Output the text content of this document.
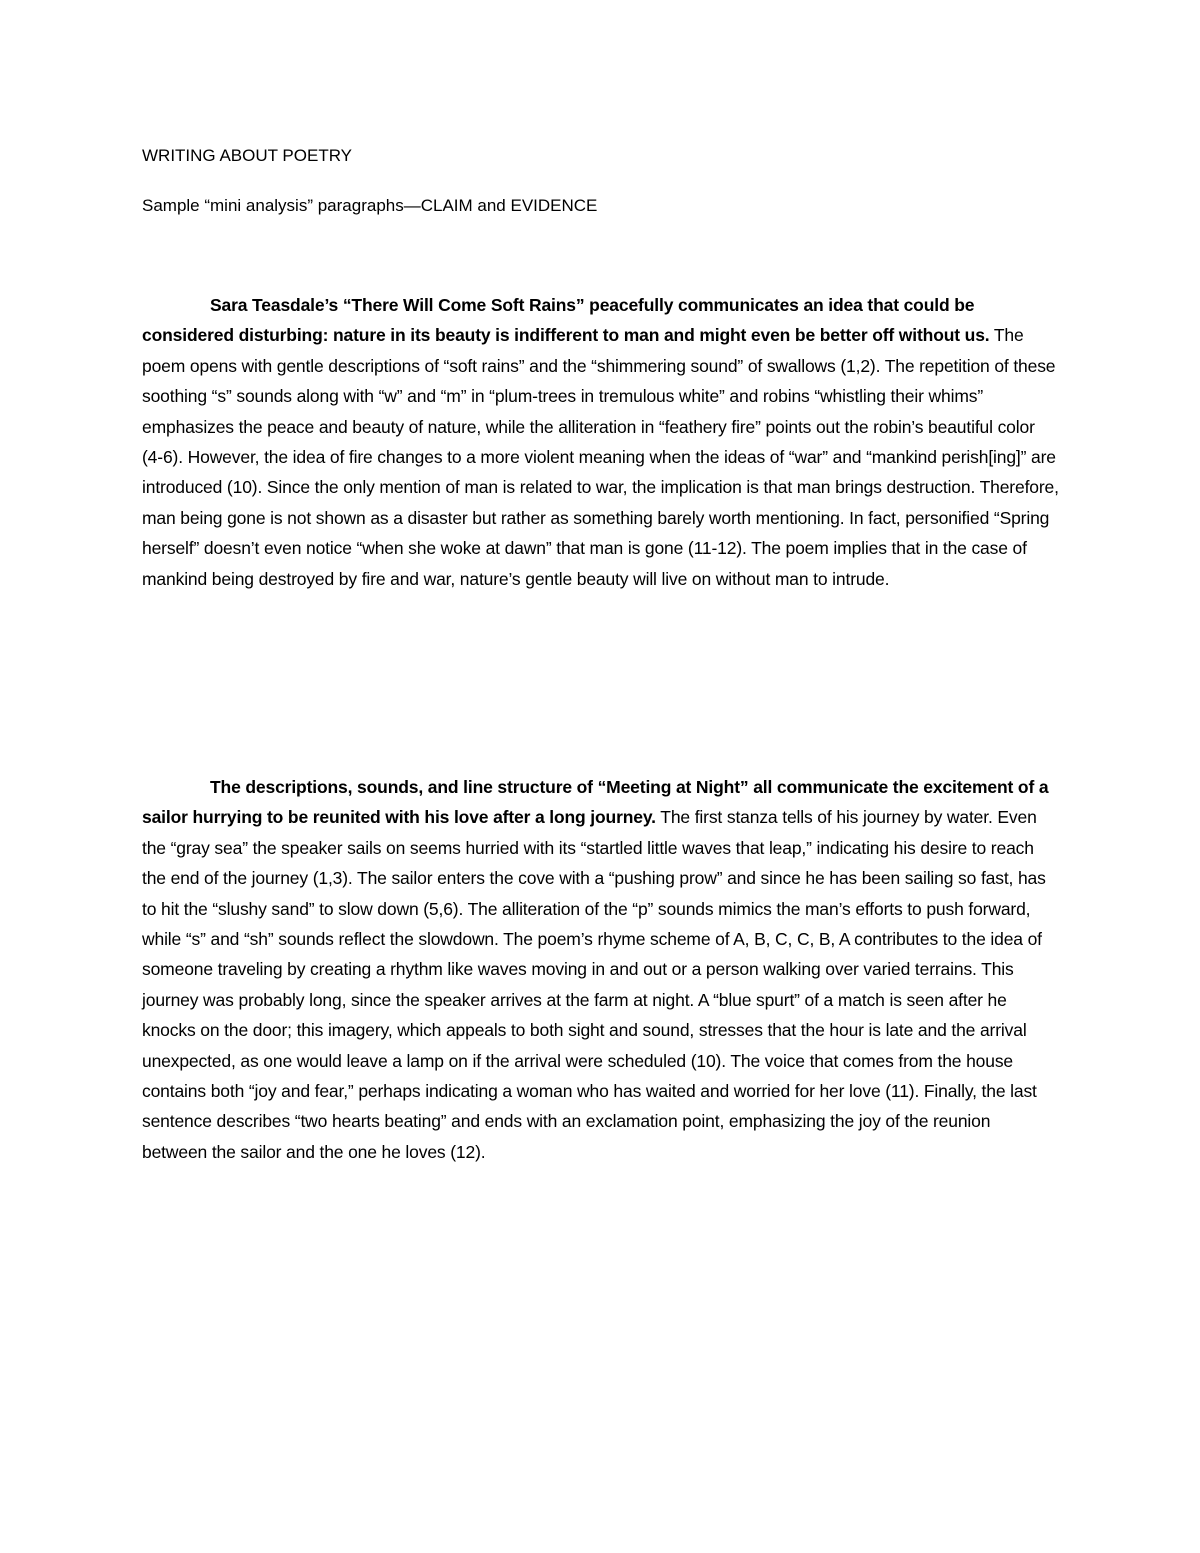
WRITING ABOUT POETRY

Sample “mini analysis” paragraphs—CLAIM and EVIDENCE

Sara Teasdale’s “There Will Come Soft Rains” peacefully communicates an idea that could be considered disturbing: nature in its beauty is indifferent to man and might even be better off without us. The poem opens with gentle descriptions of “soft rains” and the “shimmering sound” of swallows (1,2). The repetition of these soothing “s” sounds along with “w” and “m” in “plum-trees in tremulous white” and robins “whistling their whims” emphasizes the peace and beauty of nature, while the alliteration in “feathery fire” points out the robin’s beautiful color (4-6). However, the idea of fire changes to a more violent meaning when the ideas of “war” and “mankind perish[ing]” are introduced (10). Since the only mention of man is related to war, the implication is that man brings destruction. Therefore, man being gone is not shown as a disaster but rather as something barely worth mentioning. In fact, personified “Spring herself” doesn’t even notice “when she woke at dawn” that man is gone (11-12). The poem implies that in the case of mankind being destroyed by fire and war, nature’s gentle beauty will live on without man to intrude.

The descriptions, sounds, and line structure of “Meeting at Night” all communicate the excitement of a sailor hurrying to be reunited with his love after a long journey. The first stanza tells of his journey by water. Even the “gray sea” the speaker sails on seems hurried with its “startled little waves that leap,” indicating his desire to reach the end of the journey (1,3). The sailor enters the cove with a “pushing prow” and since he has been sailing so fast, has to hit the “slushy sand” to slow down (5,6). The alliteration of the “p” sounds mimics the man’s efforts to push forward, while “s” and “sh” sounds reflect the slowdown. The poem’s rhyme scheme of A, B, C, C, B, A contributes to the idea of someone traveling by creating a rhythm like waves moving in and out or a person walking over varied terrains. This journey was probably long, since the speaker arrives at the farm at night. A “blue spurt” of a match is seen after he knocks on the door; this imagery, which appeals to both sight and sound, stresses that the hour is late and the arrival unexpected, as one would leave a lamp on if the arrival were scheduled (10). The voice that comes from the house contains both “joy and fear,” perhaps indicating a woman who has waited and worried for her love (11). Finally, the last sentence describes “two hearts beating” and ends with an exclamation point, emphasizing the joy of the reunion between the sailor and the one he loves (12).
